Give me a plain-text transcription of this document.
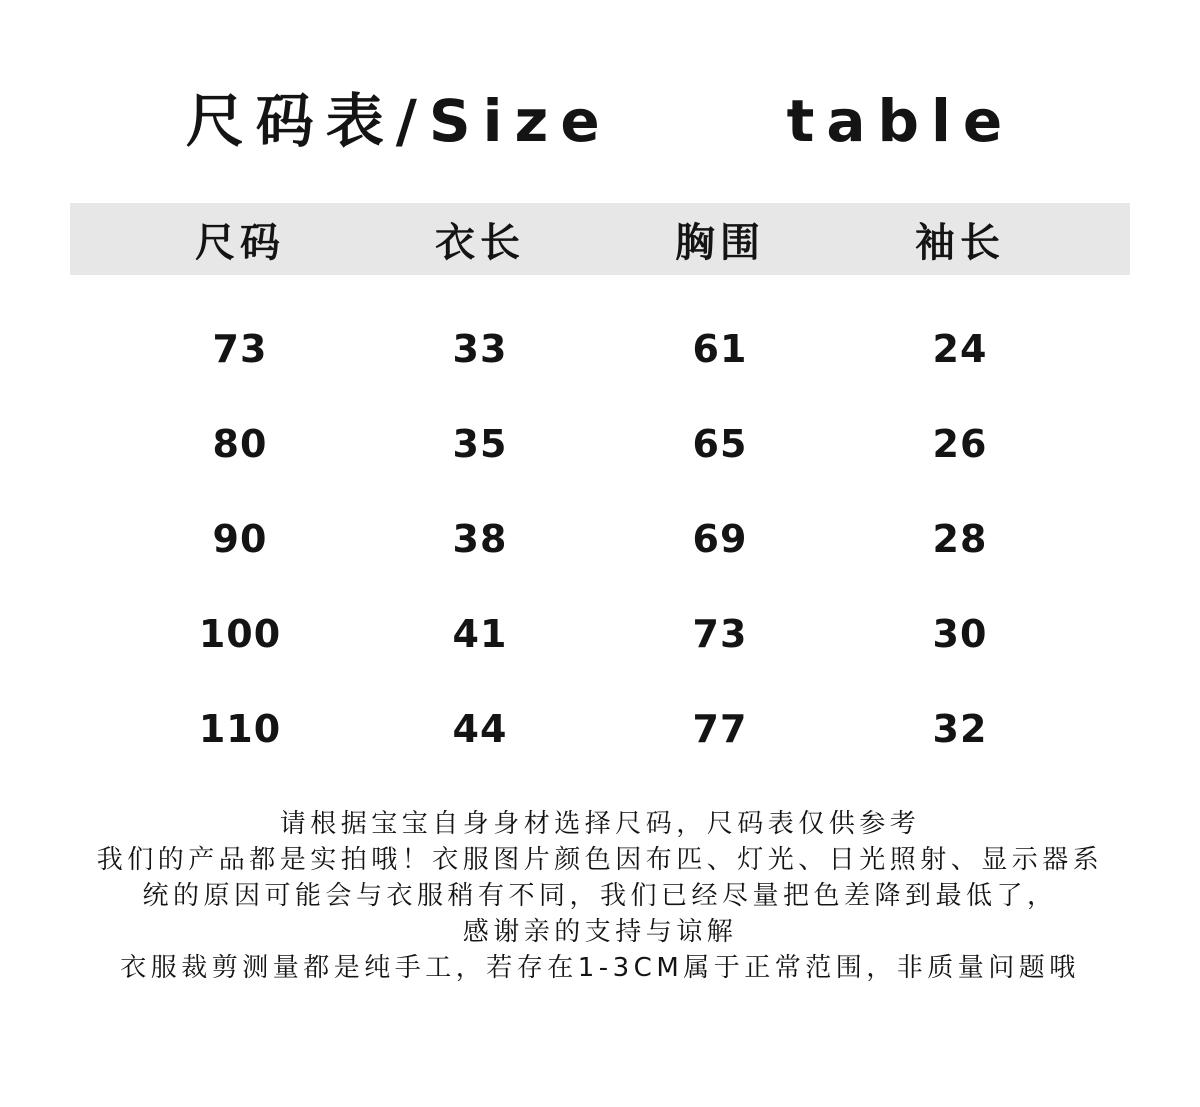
尺码表/Size	table
尺码	衣长	胸围	袖长
73	33	61	24
80	35	65	26
90	38	69	28
100	41	73	30
110	44	77	32

请根据宝宝自身身材选择尺码，尺码表仅供参考

我们的产品都是实拍哦！衣服图片颜色因布匹、灯光、日光照射、显示器系

统的原因可能会与衣服稍有不同，我们已经尽量把色差降到最低了，

感谢亲的支持与谅解

衣服裁剪测量都是纯手工，若存在1-3CM属于正常范围，非质量问题哦
